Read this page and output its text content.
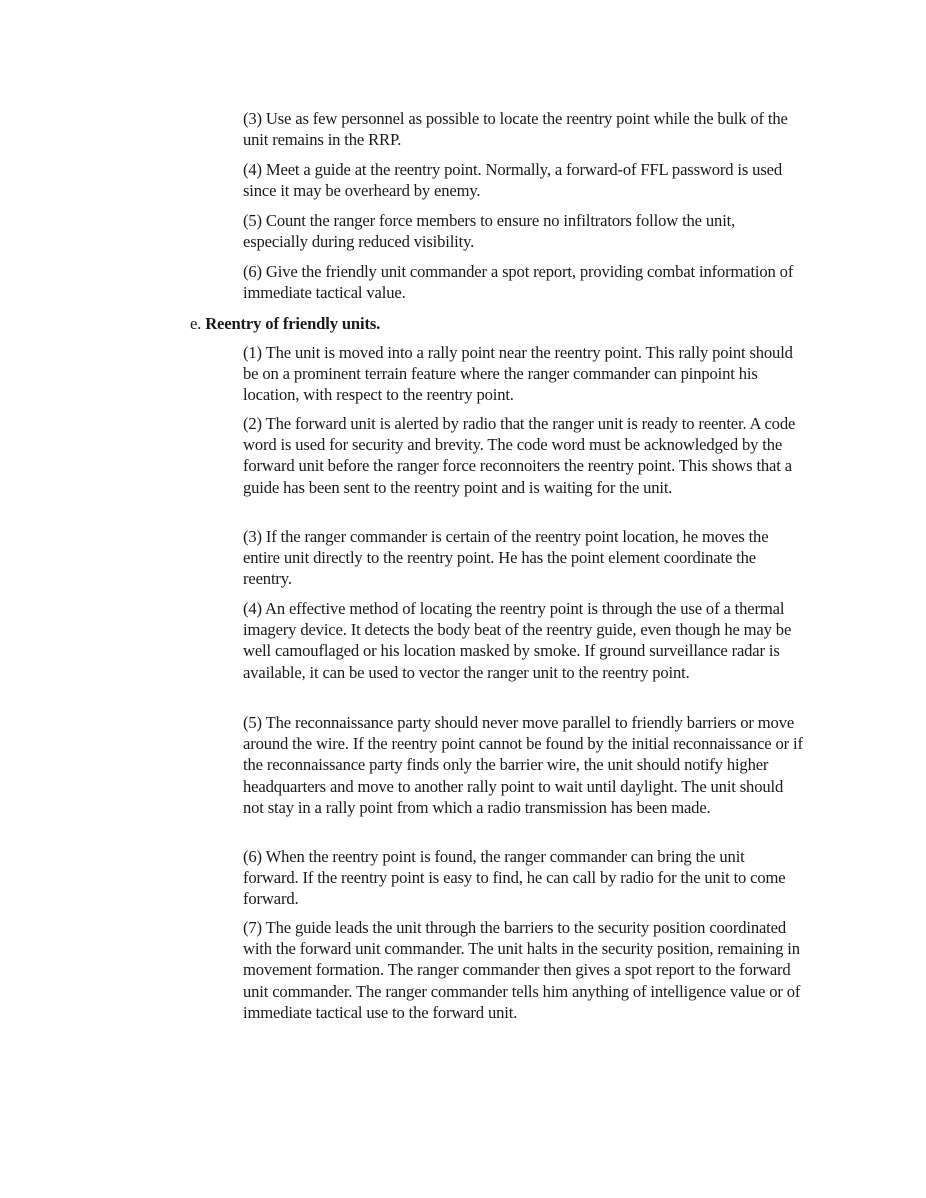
(3) Use as few personnel as possible to locate the reentry point while the bulk of the unit remains in the RRP.

(4) Meet a guide at the reentry point. Normally, a forward-of FFL password is used since it may be overheard by enemy.

(5) Count the ranger force members to ensure no infiltrators follow the unit, especially during reduced visibility.

(6) Give the friendly unit commander a spot report, providing combat information of immediate tactical value.

e. Reentry of friendly units.

(1) The unit is moved into a rally point near the reentry point. This rally point should be on a prominent terrain feature where the ranger commander can pinpoint his location, with respect to the reentry point.

(2) The forward unit is alerted by radio that the ranger unit is ready to reenter. A code word is used for security and brevity. The code word must be acknowledged by the forward unit before the ranger force reconnoiters the reentry point. This shows that a guide has been sent to the reentry point and is waiting for the unit.

(3) If the ranger commander is certain of the reentry point location, he moves the entire unit directly to the reentry point. He has the point element coordinate the reentry.

(4) An effective method of locating the reentry point is through the use of a thermal imagery device. It detects the body beat of the reentry guide, even though he may be well camouflaged or his location masked by smoke. If ground surveillance radar is available, it can be used to vector the ranger unit to the reentry point.

(5) The reconnaissance party should never move parallel to friendly barriers or move around the wire. If the reentry point cannot be found by the initial reconnaissance or if the reconnaissance party finds only the barrier wire, the unit should notify higher headquarters and move to another rally point to wait until daylight. The unit should not stay in a rally point from which a radio transmission has been made.

(6) When the reentry point is found, the ranger commander can bring the unit forward. If the reentry point is easy to find, he can call by radio for the unit to come forward.

(7) The guide leads the unit through the barriers to the security position coordinated with the forward unit commander. The unit halts in the security position, remaining in movement formation. The ranger commander then gives a spot report to the forward unit commander. The ranger commander tells him anything of intelligence value or of immediate tactical use to the forward unit.
